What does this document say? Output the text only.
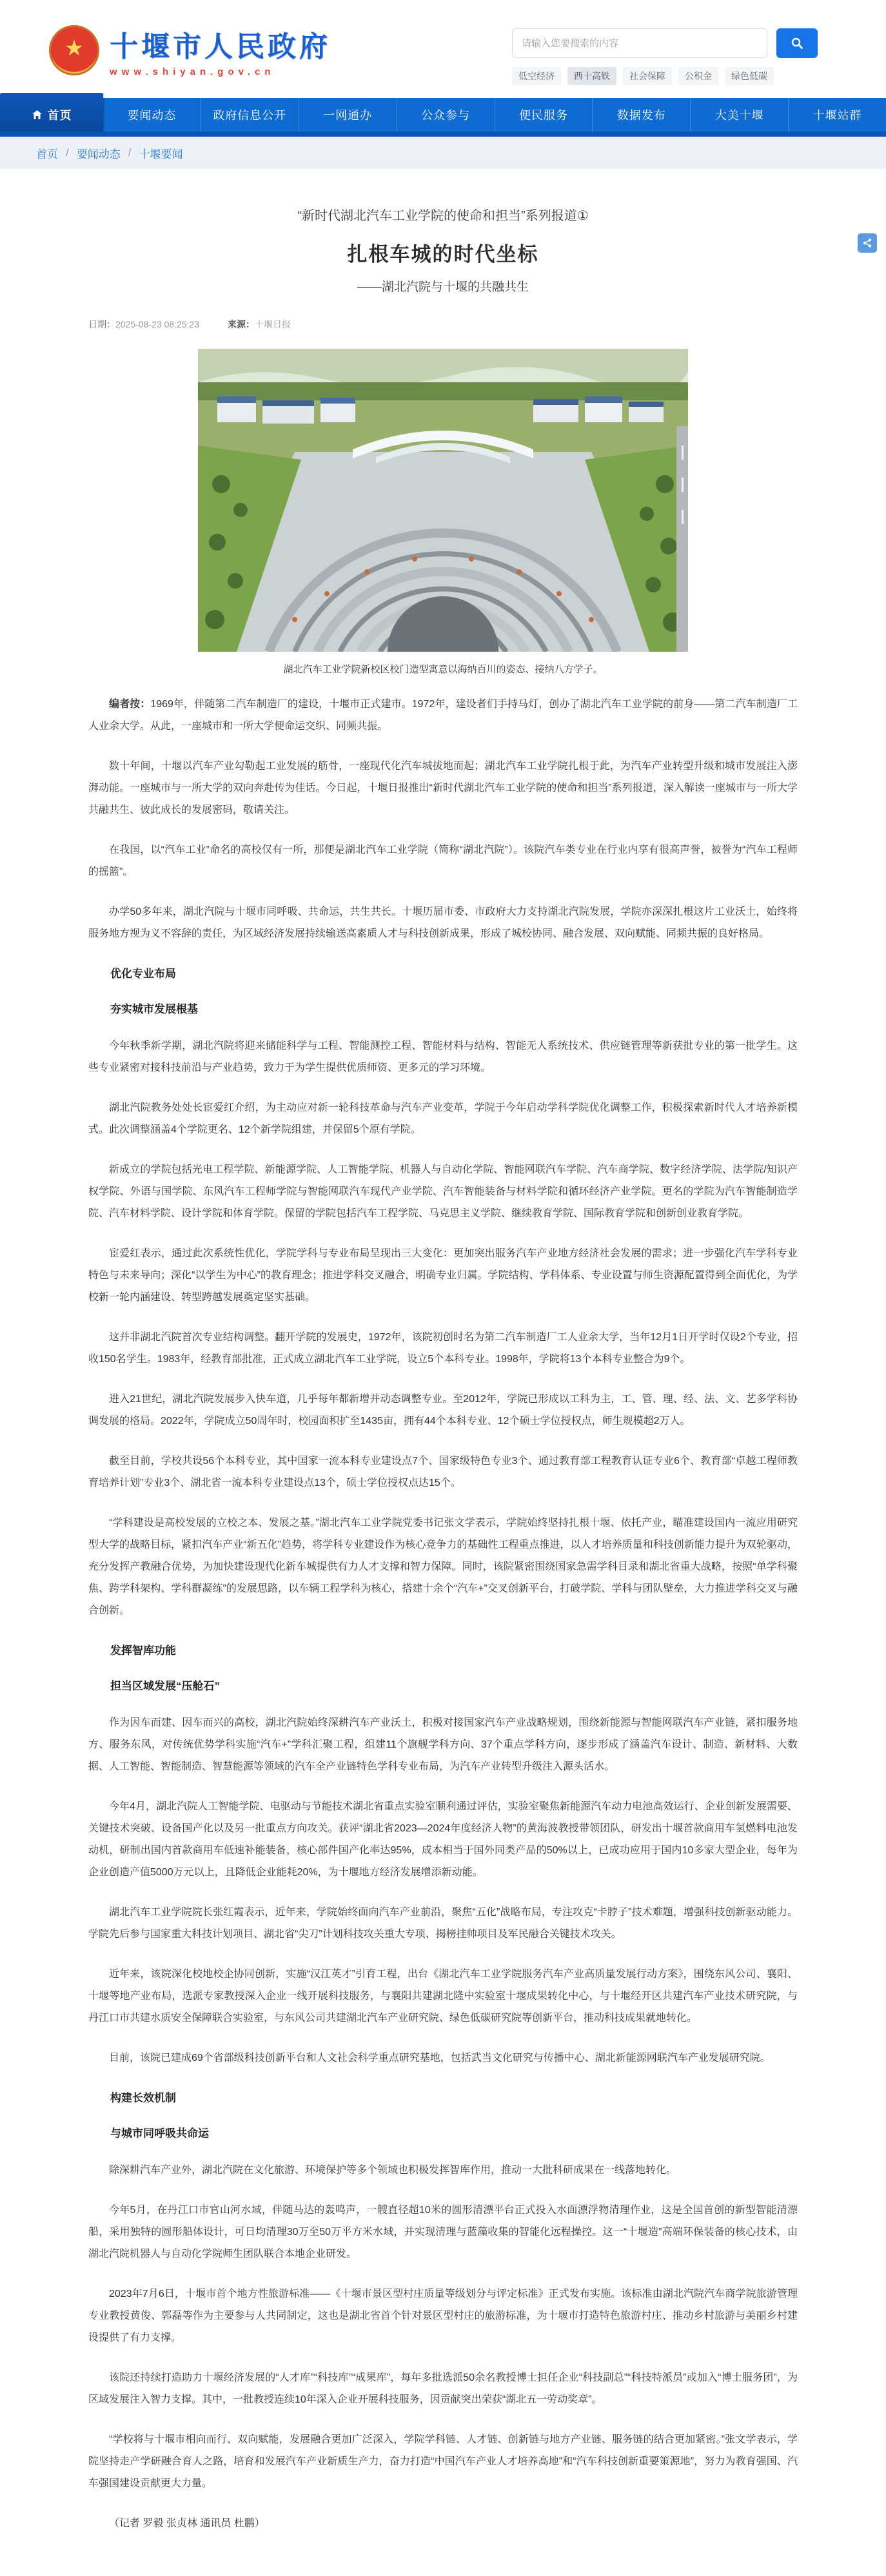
★ 十堰市人民政府
www.shiyan.gov.cn
请输入您要搜索的内容	低空经济	西十高铁	社会保障	公积金	绿色低碳
首页	要闻动态	政府信息公开	一网通办	公众参与	便民服务	数据发布	大美十堰	十堰站群
首页 / 要闻动态 / 十堰要闻
“新时代湖北汽车工业学院的使命和担当”系列报道①
扎根车城的时代坐标
——湖北汽院与十堰的共融共生
日期：2025-08-23 08:25:23	来源：十堰日报
湖北汽车工业学院新校区校门造型寓意以海纳百川的姿态、接纳八方学子。

编者按：1969年，伴随第二汽车制造厂的建设，十堰市正式建市。1972年，建设者们手持马灯，创办了湖北汽车工业学院的前身——第二汽车制造厂工人业余大学。从此，一座城市和一所大学便命运交织、同频共振。

数十年间，十堰以汽车产业勾勒起工业发展的筋骨，一座现代化汽车城拔地而起；湖北汽车工业学院扎根于此，为汽车产业转型升级和城市发展注入澎湃动能。一座城市与一所大学的双向奔赴传为佳话。今日起，十堰日报推出“新时代湖北汽车工业学院的使命和担当”系列报道，深入解读一座城市与一所大学共融共生、彼此成长的发展密码，敬请关注。

在我国，以“汽车工业”命名的高校仅有一所，那便是湖北汽车工业学院（简称“湖北汽院”）。该院汽车类专业在行业内享有很高声誉，被誉为“汽车工程师的摇篮”。

办学50多年来，湖北汽院与十堰市同呼吸、共命运，共生共长。十堰历届市委、市政府大力支持湖北汽院发展，学院亦深深扎根这片工业沃土，始终将服务地方视为义不容辞的责任，为区域经济发展持续输送高素质人才与科技创新成果，形成了城校协同、融合发展、双向赋能、同频共振的良好格局。

优化专业布局
夯实城市发展根基

今年秋季新学期，湖北汽院将迎来储能科学与工程、智能测控工程、智能材料与结构、智能无人系统技术、供应链管理等新获批专业的第一批学生。这些专业紧密对接科技前沿与产业趋势，致力于为学生提供优质师资、更多元的学习环境。

湖北汽院教务处处长宦爱红介绍，为主动应对新一轮科技革命与汽车产业变革，学院于今年启动学科学院优化调整工作，积极探索新时代人才培养新模式。此次调整涵盖4个学院更名、12个新学院组建，并保留5个原有学院。

新成立的学院包括光电工程学院、新能源学院、人工智能学院、机器人与自动化学院、智能网联汽车学院、汽车商学院、数字经济学院、法学院/知识产权学院、外语与国学院、东风汽车工程师学院与智能网联汽车现代产业学院、汽车智能装备与材料学院和循环经济产业学院。更名的学院为汽车智能制造学院、汽车材料学院、设计学院和体育学院。保留的学院包括汽车工程学院、马克思主义学院、继续教育学院、国际教育学院和创新创业教育学院。

宦爱红表示，通过此次系统性优化，学院学科与专业布局呈现出三大变化：更加突出服务汽车产业地方经济社会发展的需求；进一步强化汽车学科专业特色与未来导向；深化“以学生为中心”的教育理念；推进学科交叉融合，明确专业归属。学院结构、学科体系、专业设置与师生资源配置得到全面优化，为学校新一轮内涵建设、转型跨越发展奠定坚实基础。

这并非湖北汽院首次专业结构调整。翻开学院的发展史，1972年，该院初创时名为第二汽车制造厂工人业余大学，当年12月1日开学时仅设2个专业，招收150名学生。1983年，经教育部批准，正式成立湖北汽车工业学院，设立5个本科专业。1998年，学院将13个本科专业整合为9个。

进入21世纪，湖北汽院发展步入快车道，几乎每年都新增并动态调整专业。至2012年，学院已形成以工科为主，工、管、理、经、法、文、艺多学科协调发展的格局。2022年，学院成立50周年时，校园面积扩至1435亩，拥有44个本科专业、12个硕士学位授权点，师生规模超2万人。

截至目前，学校共设56个本科专业，其中国家一流本科专业建设点7个、国家级特色专业3个、通过教育部工程教育认证专业6个、教育部“卓越工程师教育培养计划”专业3个、湖北省一流本科专业建设点13个，硕士学位授权点达15个。

“学科建设是高校发展的立校之本、发展之基。”湖北汽车工业学院党委书记张文学表示，学院始终坚持扎根十堰、依托产业，瞄准建设国内一流应用研究型大学的战略目标，紧扣汽车产业“新五化”趋势，将学科专业建设作为核心竞争力的基础性工程重点推进，以人才培养质量和科技创新能力提升为双轮驱动，充分发挥产教融合优势，为加快建设现代化新车城提供有力人才支撑和智力保障。同时，该院紧密围绕国家急需学科目录和湖北省重大战略，按照“单学科聚焦、跨学科架构、学科群凝练”的发展思路，以车辆工程学科为核心，搭建十余个“汽车+”交叉创新平台，打破学院、学科与团队壁垒，大力推进学科交叉与融合创新。

发挥智库功能
担当区域发展“压舱石”

作为因车而建、因车而兴的高校，湖北汽院始终深耕汽车产业沃土，积极对接国家汽车产业战略规划，围绕新能源与智能网联汽车产业链，紧扣服务地方、服务东风，对传统优势学科实施“汽车+”学科汇聚工程，组建11个旗舰学科方向、37个重点学科方向，逐步形成了涵盖汽车设计、制造、新材料、大数据、人工智能、智能制造、智慧能源等领域的汽车全产业链特色学科专业布局，为汽车产业转型升级注入源头活水。

今年4月，湖北汽院人工智能学院、电驱动与节能技术湖北省重点实验室顺利通过评估，实验室聚焦新能源汽车动力电池高效运行、企业创新发展需要、关键技术突破、设备国产化以及另一批重点方向攻关。获评“湖北省2023—2024年度经济人物”的黄海波教授带领团队，研发出十堰首款商用车氢燃料电池发动机，研制出国内首款商用车低速补能装备，核心部件国产化率达95%，成本相当于国外同类产品的50%以上，已成功应用于国内10多家大型企业，每年为企业创造产值5000万元以上，且降低企业能耗20%，为十堰地方经济发展增添新动能。

湖北汽车工业学院院长张红霞表示，近年来，学院始终面向汽车产业前沿，聚焦“五化”战略布局，专注攻克“卡脖子”技术难题，增强科技创新驱动能力。学院先后参与国家重大科技计划项目、湖北省“尖刀”计划科技攻关重大专项、揭榜挂帅项目及军民融合关键技术攻关。

近年来，该院深化校地校企协同创新，实施“汉江英才”引育工程，出台《湖北汽车工业学院服务汽车产业高质量发展行动方案》，围绕东风公司、襄阳、十堰等地产业布局，选派专家教授深入企业一线开展科技服务，与襄阳共建湖北隆中实验室十堰成果转化中心，与十堰经开区共建汽车产业技术研究院，与丹江口市共建水质安全保障联合实验室，与东风公司共建湖北汽车产业研究院、绿色低碳研究院等创新平台，推动科技成果就地转化。

目前，该院已建成69个省部级科技创新平台和人文社会科学重点研究基地，包括武当文化研究与传播中心、湖北新能源网联汽车产业发展研究院。

构建长效机制
与城市同呼吸共命运

除深耕汽车产业外，湖北汽院在文化旅游、环境保护等多个领域也积极发挥智库作用，推动一大批科研成果在一线落地转化。

今年5月，在丹江口市官山河水域，伴随马达的轰鸣声，一艘直径超10米的圆形清漂平台正式投入水面漂浮物清理作业，这是全国首创的新型智能清漂船，采用独特的圆形船体设计，可日均清理30万至50万平方米水域，并实现清理与蓝藻收集的智能化远程操控。这一“十堰造”高端环保装备的核心技术，由湖北汽院机器人与自动化学院师生团队联合本地企业研发。

2023年7月6日，十堰市首个地方性旅游标准——《十堰市景区型村庄质量等级划分与评定标准》正式发布实施。该标准由湖北汽院汽车商学院旅游管理专业教授黄俊、郭磊等作为主要参与人共同制定，这也是湖北省首个针对景区型村庄的旅游标准，为十堰市打造特色旅游村庄、推动乡村旅游与美丽乡村建设提供了有力支撑。

该院还持续打造助力十堰经济发展的“人才库”“科技库”“成果库”，每年多批选派50余名教授博士担任企业“科技副总”“科技特派员”或加入“博士服务团”，为区域发展注入智力支撑。其中，一批教授连续10年深入企业开展科技服务，因贡献突出荣获“湖北五一劳动奖章”。

“学校将与十堰市相向而行、双向赋能，发展融合更加广泛深入，学院学科链、人才链、创新链与地方产业链、服务链的结合更加紧密。”张文学表示，学院坚持走产学研融合育人之路，培育和发展汽车产业新质生产力，奋力打造“中国汽车产业人才培养高地”和“汽车科技创新重要策源地”，努力为教育强国、汽车强国建设贡献更大力量。

（记者 罗毅 张贞林 通讯员 杜鹏）
